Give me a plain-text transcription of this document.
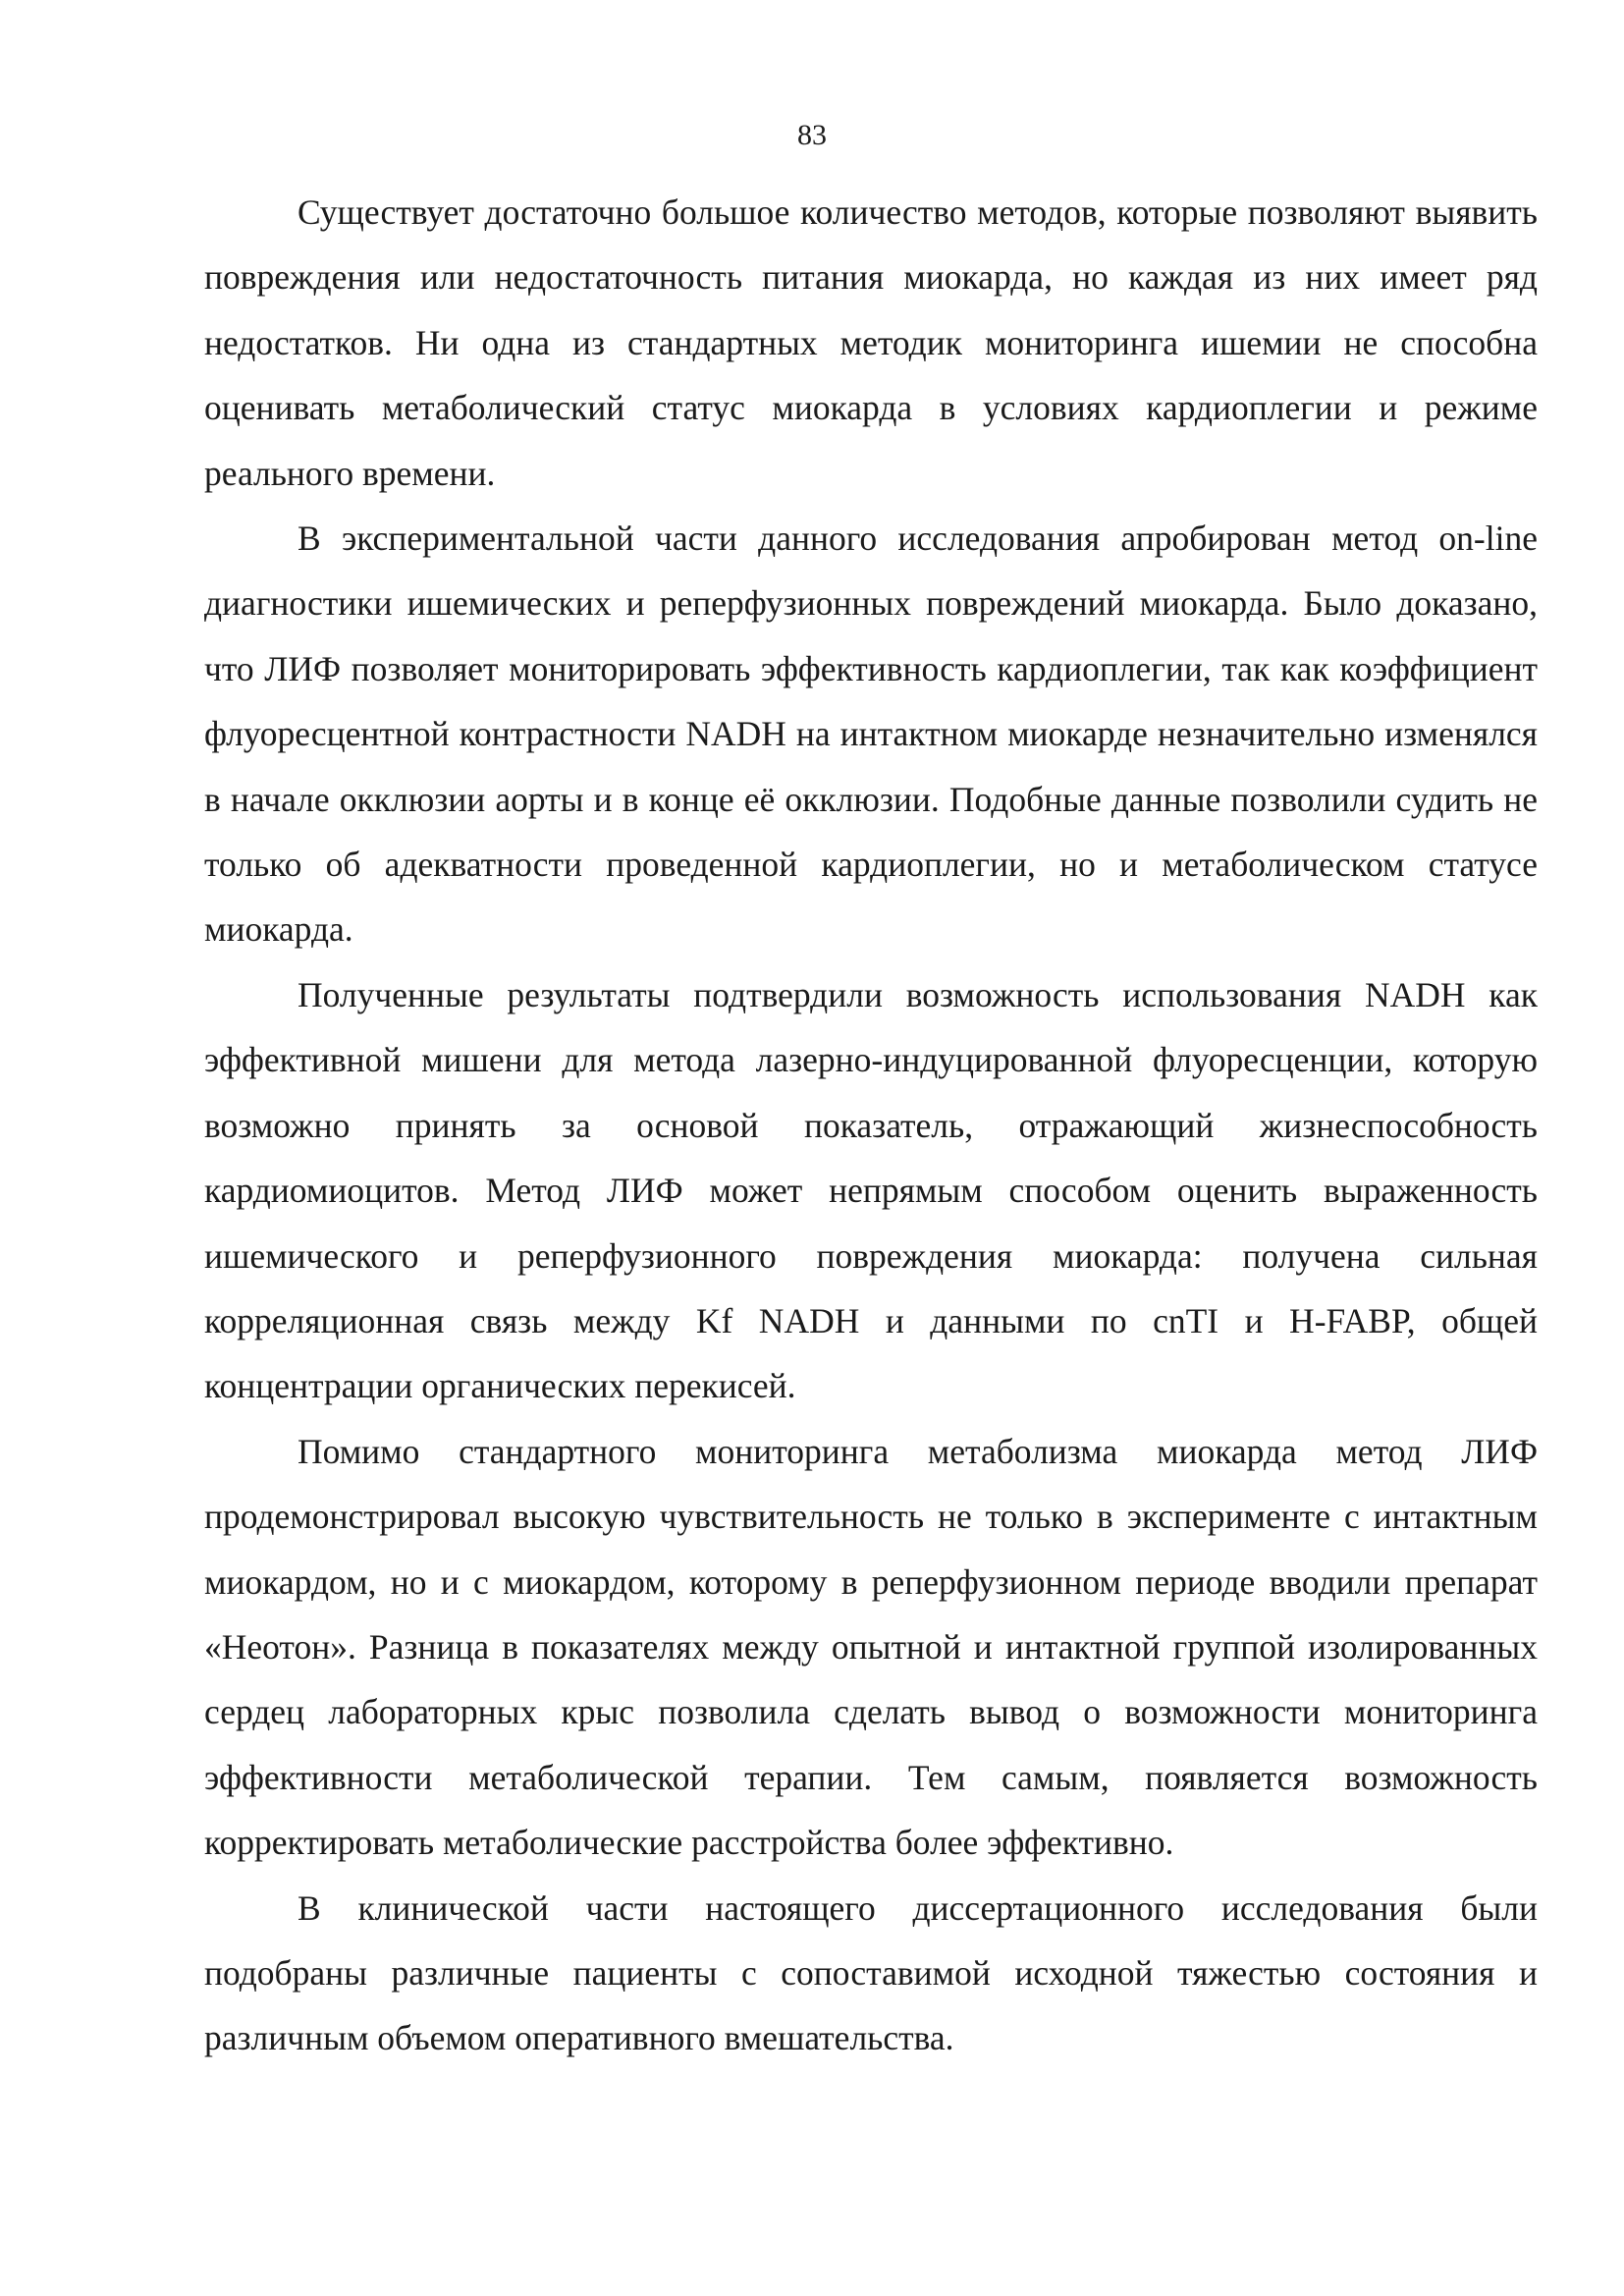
83

Существует достаточно большое количество методов, которые позволяют выявить повреждения или недостаточность питания миокарда, но каждая из них имеет ряд недостатков. Ни одна из стандартных методик мониторинга ишемии не способна оценивать метаболический статус миокарда в условиях кардиоплегии и режиме реального времени.

В экспериментальной части данного исследования апробирован метод on-line диагностики ишемических и реперфузионных повреждений миокарда. Было доказано, что ЛИФ позволяет мониторировать эффективность кардиоплегии, так как коэффициент флуоресцентной контрастности NADH на интактном миокарде незначительно изменялся в начале окклюзии аорты и в конце её окклюзии. Подобные данные позволили судить не только об адекватности проведенной кардиоплегии, но и метаболическом статусе миокарда.

Полученные результаты подтвердили возможность использования NADH как эффективной мишени для метода лазерно-индуцированной флуоресценции, которую возможно принять за основой показатель, отражающий жизнеспособность кардиомиоцитов. Метод ЛИФ может непрямым способом оценить выраженность ишемического и реперфузионного повреждения миокарда: получена сильная корреляционная связь между Kf NADH и данными по cnTI и H-FABP, общей концентрации органических перекисей.

Помимо стандартного мониторинга метаболизма миокарда метод ЛИФ продемонстрировал высокую чувствительность не только в эксперименте с интактным миокардом, но и с миокардом, которому в реперфузионном периоде вводили препарат «Неотон». Разница в показателях между опытной и интактной группой изолированных сердец лабораторных крыс позволила сделать вывод о возможности мониторинга эффективности метаболической терапии. Тем самым, появляется возможность корректировать метаболические расстройства более эффективно.

В клинической части настоящего диссертационного исследования были подобраны различные пациенты с сопоставимой исходной тяжестью состояния и различным объемом оперативного вмешательства.
